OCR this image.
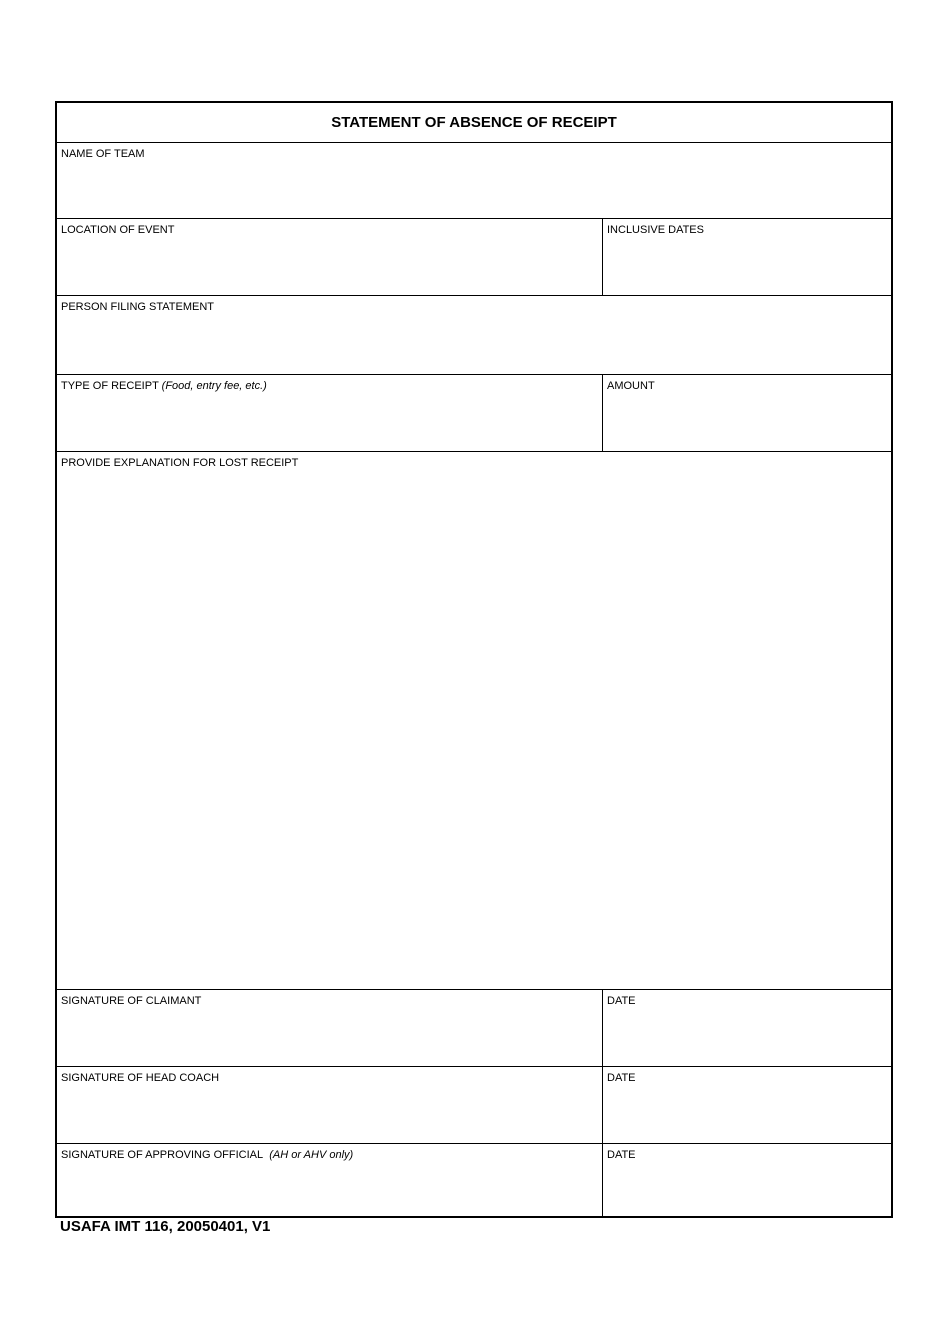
STATEMENT OF ABSENCE OF RECEIPT
NAME OF TEAM
LOCATION OF EVENT	INCLUSIVE DATES
PERSON FILING STATEMENT
TYPE OF RECEIPT (Food, entry fee, etc.)	AMOUNT
PROVIDE EXPLANATION FOR LOST RECEIPT
SIGNATURE OF CLAIMANT	DATE
SIGNATURE OF HEAD COACH	DATE
SIGNATURE OF APPROVING OFFICIAL (AH or AHV only)	DATE
USAFA IMT 116, 20050401, V1
